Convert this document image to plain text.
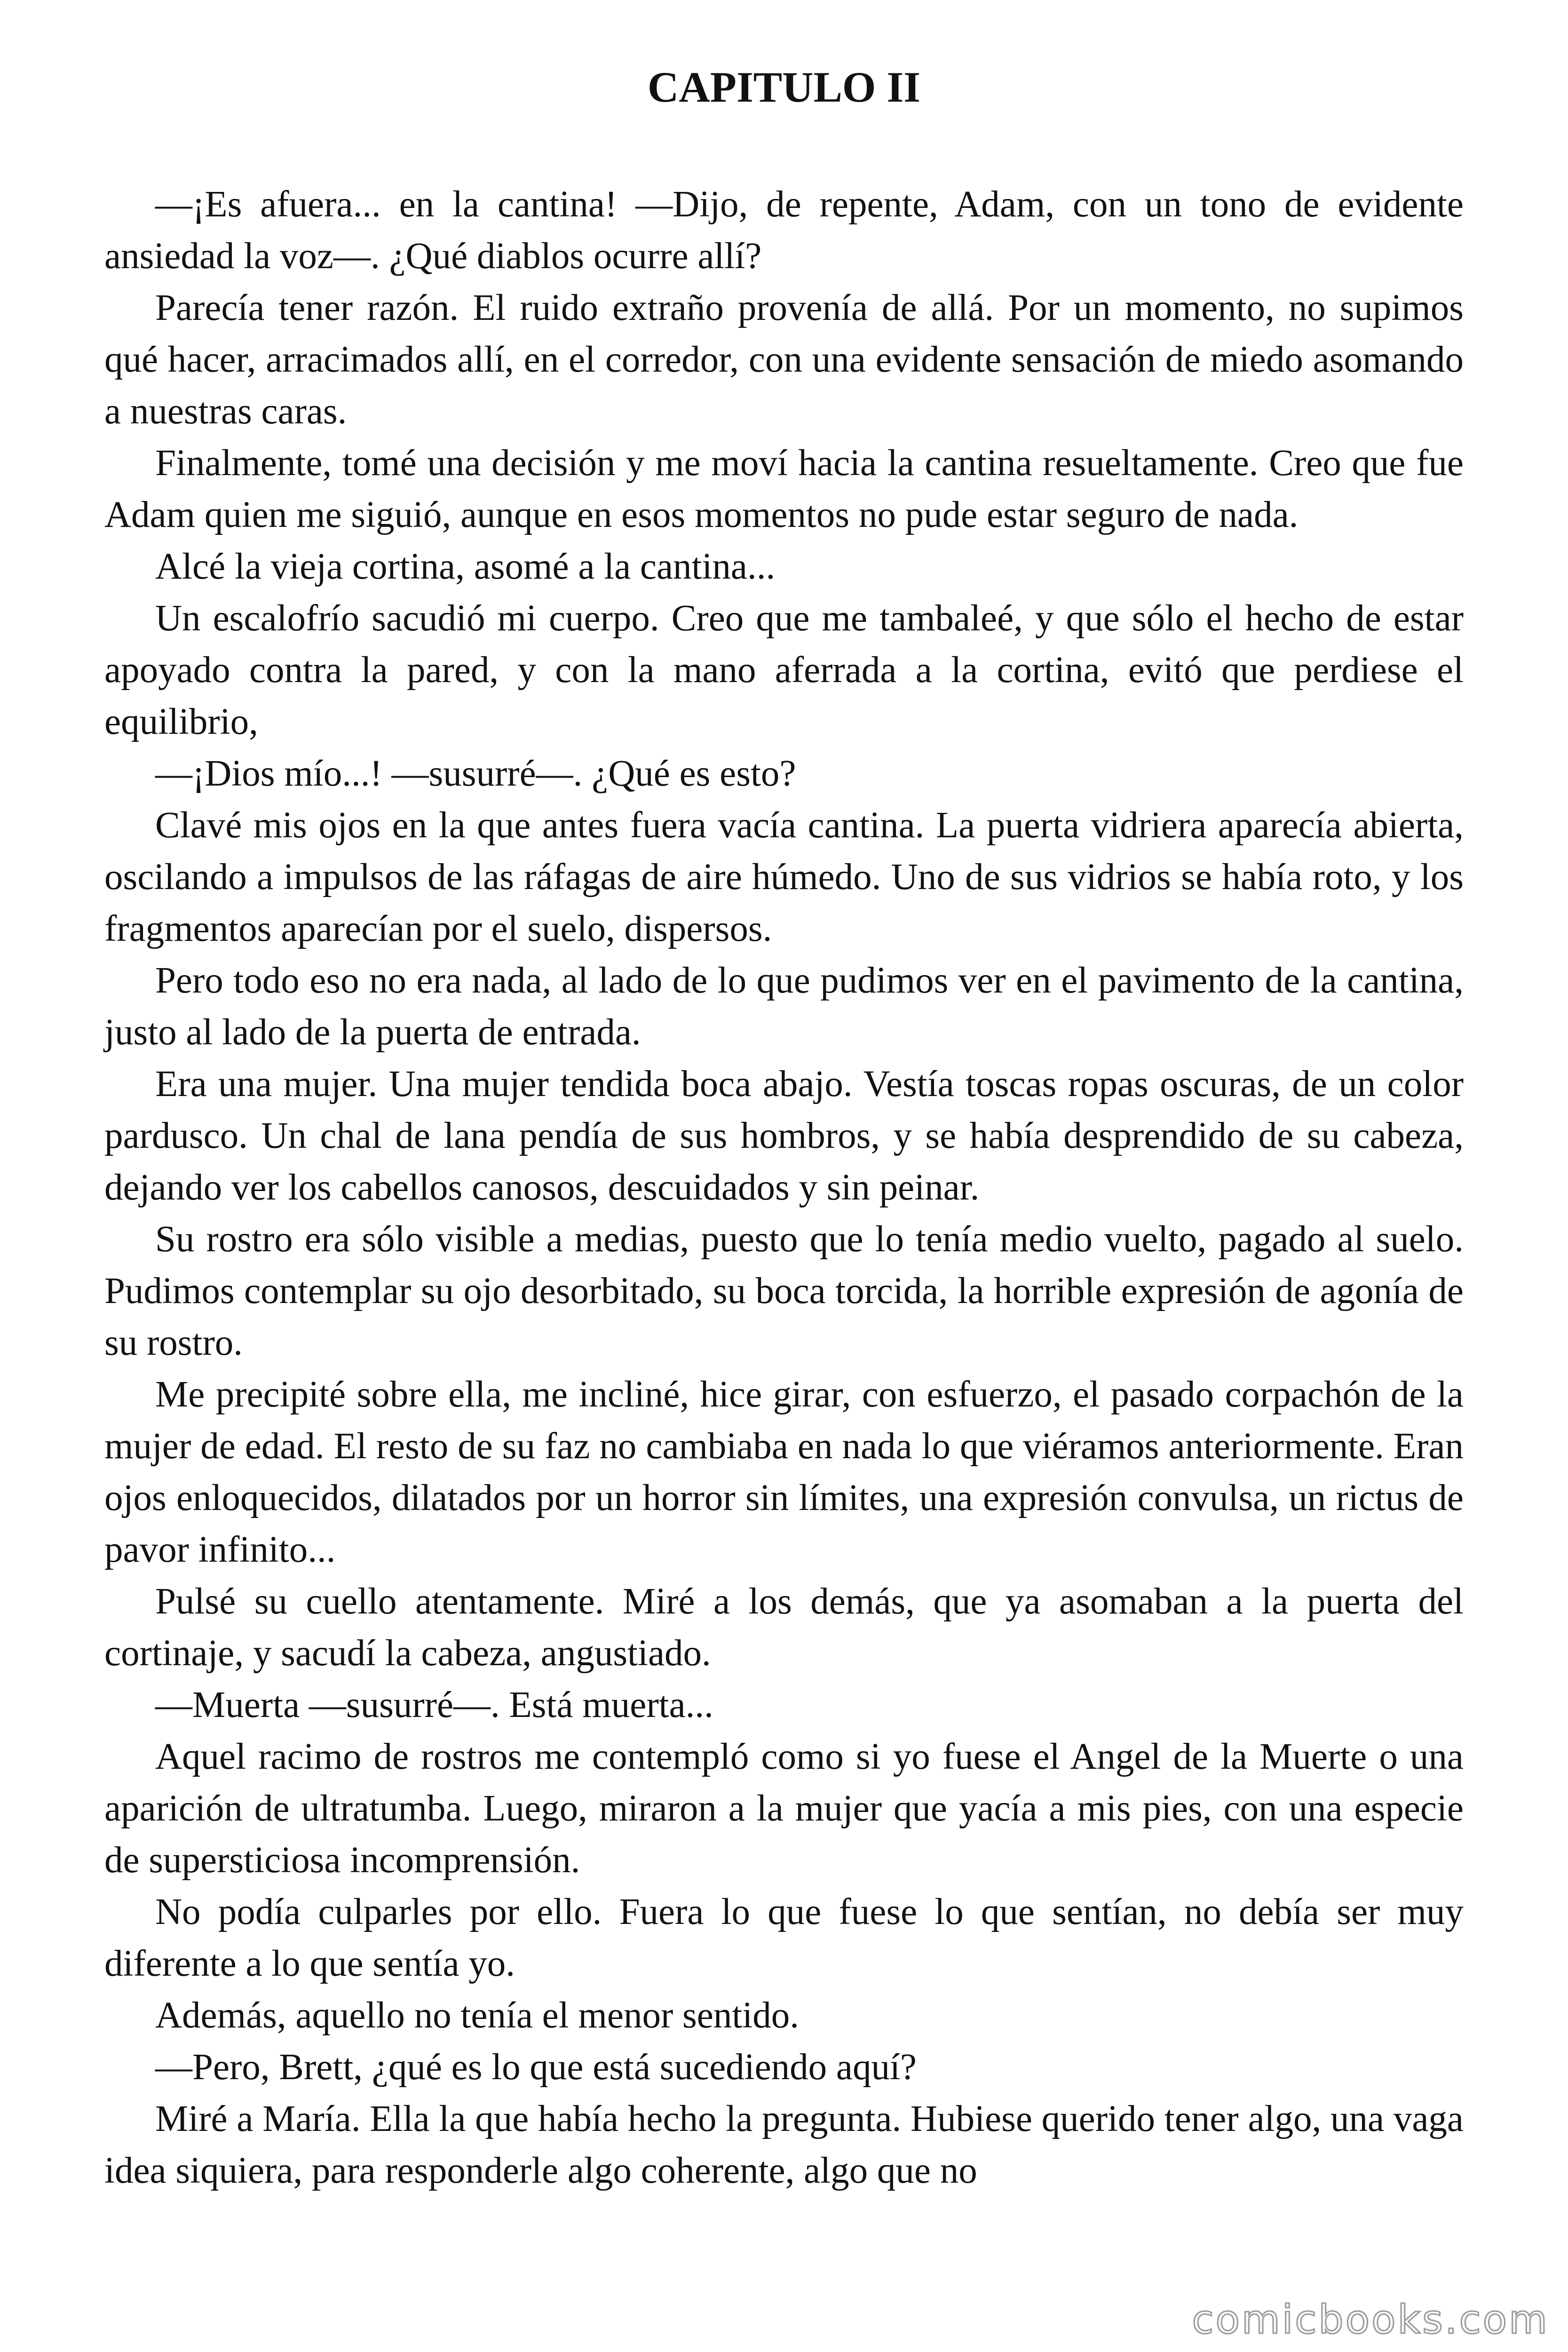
CAPITULO II

—¡Es afuera... en la cantina! —Dijo, de repente, Adam, con un tono de evidente ansiedad la voz—. ¿Qué diablos ocurre allí?

Parecía tener razón. El ruido extraño provenía de allá. Por un momento, no supimos qué hacer, arracimados allí, en el corredor, con una evidente sensación de miedo asomando a nuestras caras.

Finalmente, tomé una decisión y me moví hacia la cantina resueltamente. Creo que fue Adam quien me siguió, aunque en esos momentos no pude estar seguro de nada.

Alcé la vieja cortina, asomé a la cantina...

Un escalofrío sacudió mi cuerpo. Creo que me tambaleé, y que sólo el hecho de estar apoyado contra la pared, y con la mano aferrada a la cortina, evitó que perdiese el equilibrio,

—¡Dios mío...! —susurré—. ¿Qué es esto?

Clavé mis ojos en la que antes fuera vacía cantina. La puerta vidriera aparecía abierta, oscilando a impulsos de las ráfagas de aire húmedo. Uno de sus vidrios se había roto, y los fragmentos aparecían por el suelo, dispersos.

Pero todo eso no era nada, al lado de lo que pudimos ver en el pavimento de la cantina, justo al lado de la puerta de entrada.

Era una mujer. Una mujer tendida boca abajo. Vestía toscas ropas oscuras, de un color pardusco. Un chal de lana pendía de sus hombros, y se había desprendido de su cabeza, dejando ver los cabellos canosos, descuidados y sin peinar.

Su rostro era sólo visible a medias, puesto que lo tenía medio vuelto, pagado al suelo. Pudimos contemplar su ojo desorbitado, su boca torcida, la horrible expresión de agonía de su rostro.

Me precipité sobre ella, me incliné, hice girar, con esfuerzo, el pasado corpachón de la mujer de edad. El resto de su faz no cambiaba en nada lo que viéramos anteriormente. Eran ojos enloquecidos, dilatados por un horror sin límites, una expresión convulsa, un rictus de pavor infinito...

Pulsé su cuello atentamente. Miré a los demás, que ya asomaban a la puerta del cortinaje, y sacudí la cabeza, angustiado.

—Muerta —susurré—. Está muerta...

Aquel racimo de rostros me contempló como si yo fuese el Angel de la Muerte o una aparición de ultratumba. Luego, miraron a la mujer que yacía a mis pies, con una especie de supersticiosa incomprensión.

No podía culparles por ello. Fuera lo que fuese lo que sentían, no debía ser muy diferente a lo que sentía yo.

Además, aquello no tenía el menor sentido.

—Pero, Brett, ¿qué es lo que está sucediendo aquí?

Miré a María. Ella la que había hecho la pregunta. Hubiese querido tener algo, una vaga idea siquiera, para responderle algo coherente, algo que no

comicbooks.com
